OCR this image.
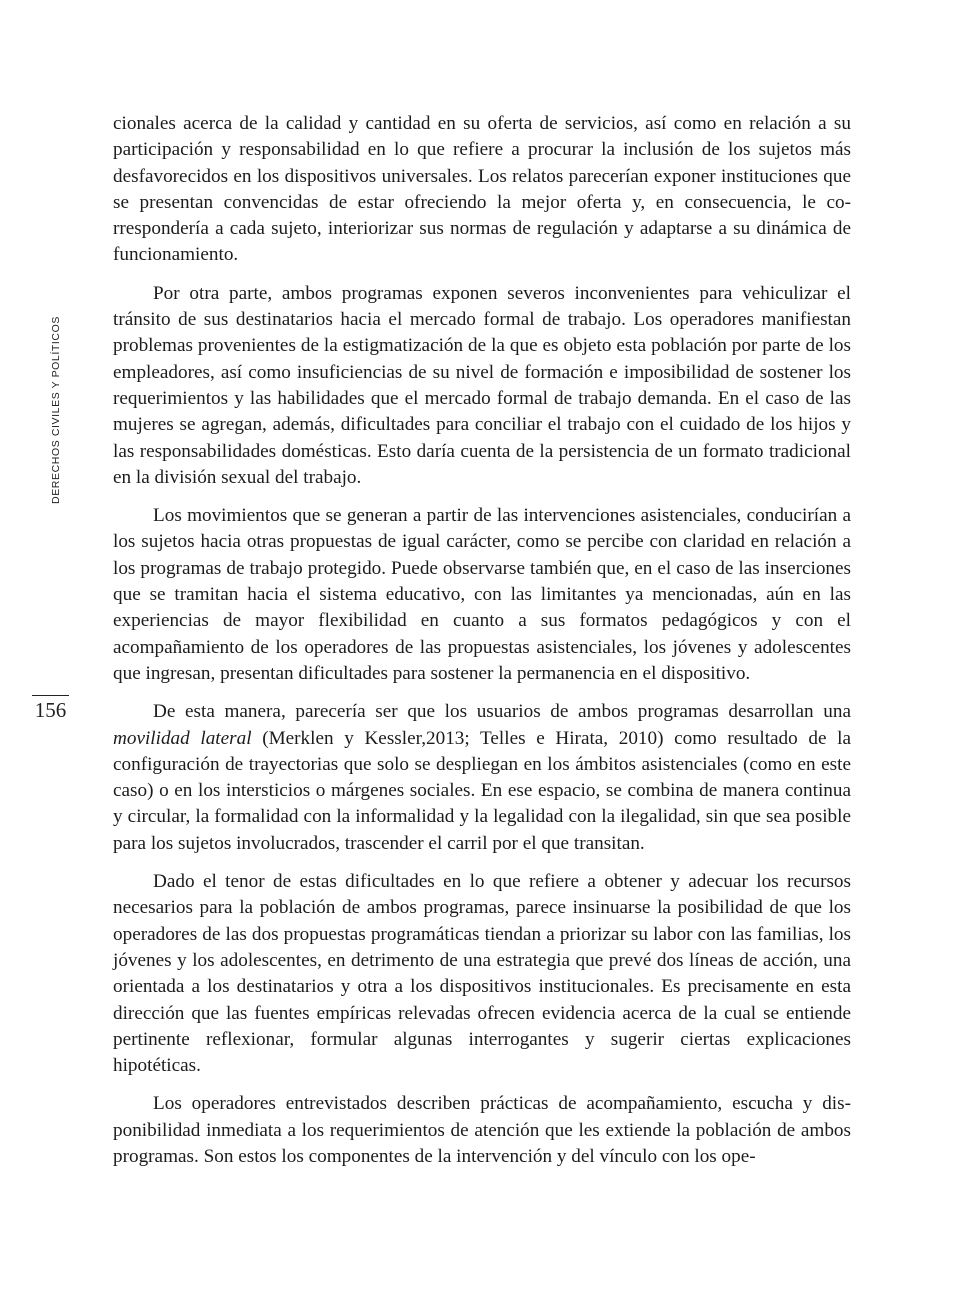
DERECHOS CIVILES Y POLÍTICOS
156

cionales acerca de la calidad y cantidad en su oferta de servicios, así como en relación a su participación y responsabilidad en lo que refiere a procurar la inclusión de los sujetos más desfavorecidos en los dispositivos universales. Los relatos parecerían exponer instituciones que se presentan convencidas de estar ofreciendo la mejor oferta y, en consecuencia, le correspondería a cada sujeto, interiorizar sus normas de regulación y adaptarse a su dinámica de funcionamiento.

Por otra parte, ambos programas exponen severos inconvenientes para vehiculizar el tránsito de sus destinatarios hacia el mercado formal de trabajo. Los operadores manifiestan problemas provenientes de la estigmatización de la que es objeto esta población por parte de los empleadores, así como insuficiencias de su nivel de formación e imposibilidad de sostener los requerimientos y las habilidades que el mercado formal de trabajo demanda. En el caso de las mujeres se agregan, además, dificultades para conciliar el trabajo con el cuidado de los hijos y las responsabilidades domésticas. Esto daría cuenta de la persistencia de un formato tradicional en la división sexual del trabajo.

Los movimientos que se generan a partir de las intervenciones asistenciales, conducirían a los sujetos hacia otras propuestas de igual carácter, como se percibe con claridad en relación a los programas de trabajo protegido. Puede observarse también que, en el caso de las inserciones que se tramitan hacia el sistema educativo, con las limitantes ya mencionadas, aún en las experiencias de mayor flexibilidad en cuanto a sus formatos pedagógicos y con el acompañamiento de los operadores de las propuestas asistenciales, los jóvenes y adolescentes que ingresan, presentan dificultades para sostener la permanencia en el dispositivo.

De esta manera, parecería ser que los usuarios de ambos programas desarrollan una movilidad lateral (Merklen y Kessler,2013; Telles e Hirata, 2010) como resultado de la configuración de trayectorias que solo se despliegan en los ámbitos asistenciales (como en este caso) o en los intersticios o márgenes sociales. En ese espacio, se combina de manera continua y circular, la formalidad con la informalidad y la legalidad con la ilegalidad, sin que sea posible para los sujetos involucrados, trascender el carril por el que transitan.

Dado el tenor de estas dificultades en lo que refiere a obtener y adecuar los recursos necesarios para la población de ambos programas, parece insinuarse la posibilidad de que los operadores de las dos propuestas programáticas tiendan a priorizar su labor con las familias, los jóvenes y los adolescentes, en detrimento de una estrategia que prevé dos líneas de acción, una orientada a los destinatarios y otra a los dispositivos institucionales. Es precisamente en esta dirección que las fuentes empíricas relevadas ofrecen evidencia acerca de la cual se entiende pertinente reflexionar, formular algunas interrogantes y sugerir ciertas explicaciones hipotéticas.

Los operadores entrevistados describen prácticas de acompañamiento, escucha y disponibilidad inmediata a los requerimientos de atención que les extiende la población de ambos programas. Son estos los componentes de la intervención y del vínculo con los ope-
